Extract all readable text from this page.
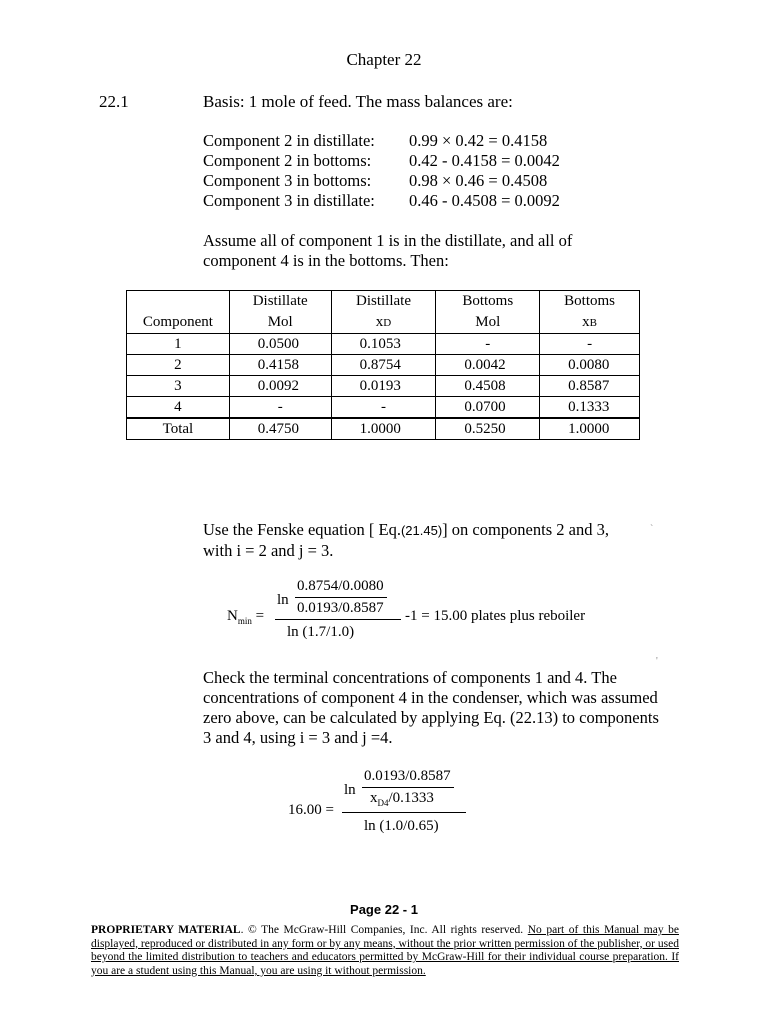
Chapter 22
22.1	Basis: 1 mole of feed. The mass balances are:
Component 2 in distillate: 0.99 × 0.42 = 0.4158
Component 2 in bottoms: 0.42 - 0.4158 = 0.0042
Component 3 in bottoms: 0.98 × 0.46 = 0.4508
Component 3 in distillate: 0.46 - 0.4508 = 0.0092
Assume all of component 1 is in the distillate, and all of component 4 is in the bottoms. Then:
	Distillate	Distillate	Bottoms	Bottoms
Component	Mol	xD	Mol	xB
1	0.0500	0.1053	-	-
2	0.4158	0.8754	0.0042	0.0080
3	0.0092	0.0193	0.4508	0.8587
4	-	-	0.0700	0.1333
Total	0.4750	1.0000	0.5250	1.0000
Use the Fenske equation [ Eq.(21.45)] on components 2 and 3,
with i = 2 and j = 3.
`
$N_{min}$ =
ln
0.8754/0.0080
0.0193/0.8587
ln (1.7/1.0)
-1 = 15.00 plates plus reboiler
Check the terminal concentrations of components 1 and 4. The concentrations of component 4 in the condenser, which was assumed zero above, can be calculated by applying Eq. (22.13) to components 3 and 4, using i = 3 and j =4.
'
16.00 =
ln
0.0193/0.8587
$x_{D4}/0.1333$
ln (1.0/0.65)
Page 22 - 1
PROPRIETARY MATERIAL. © The McGraw-Hill Companies, Inc. All rights reserved. No part of this Manual may be displayed, reproduced or distributed in any form or by any means, without the prior written permission of the publisher, or used beyond the limited distribution to teachers and educators permitted by McGraw-Hill for their individual course preparation. If you are a student using this Manual, you are using it without permission.
